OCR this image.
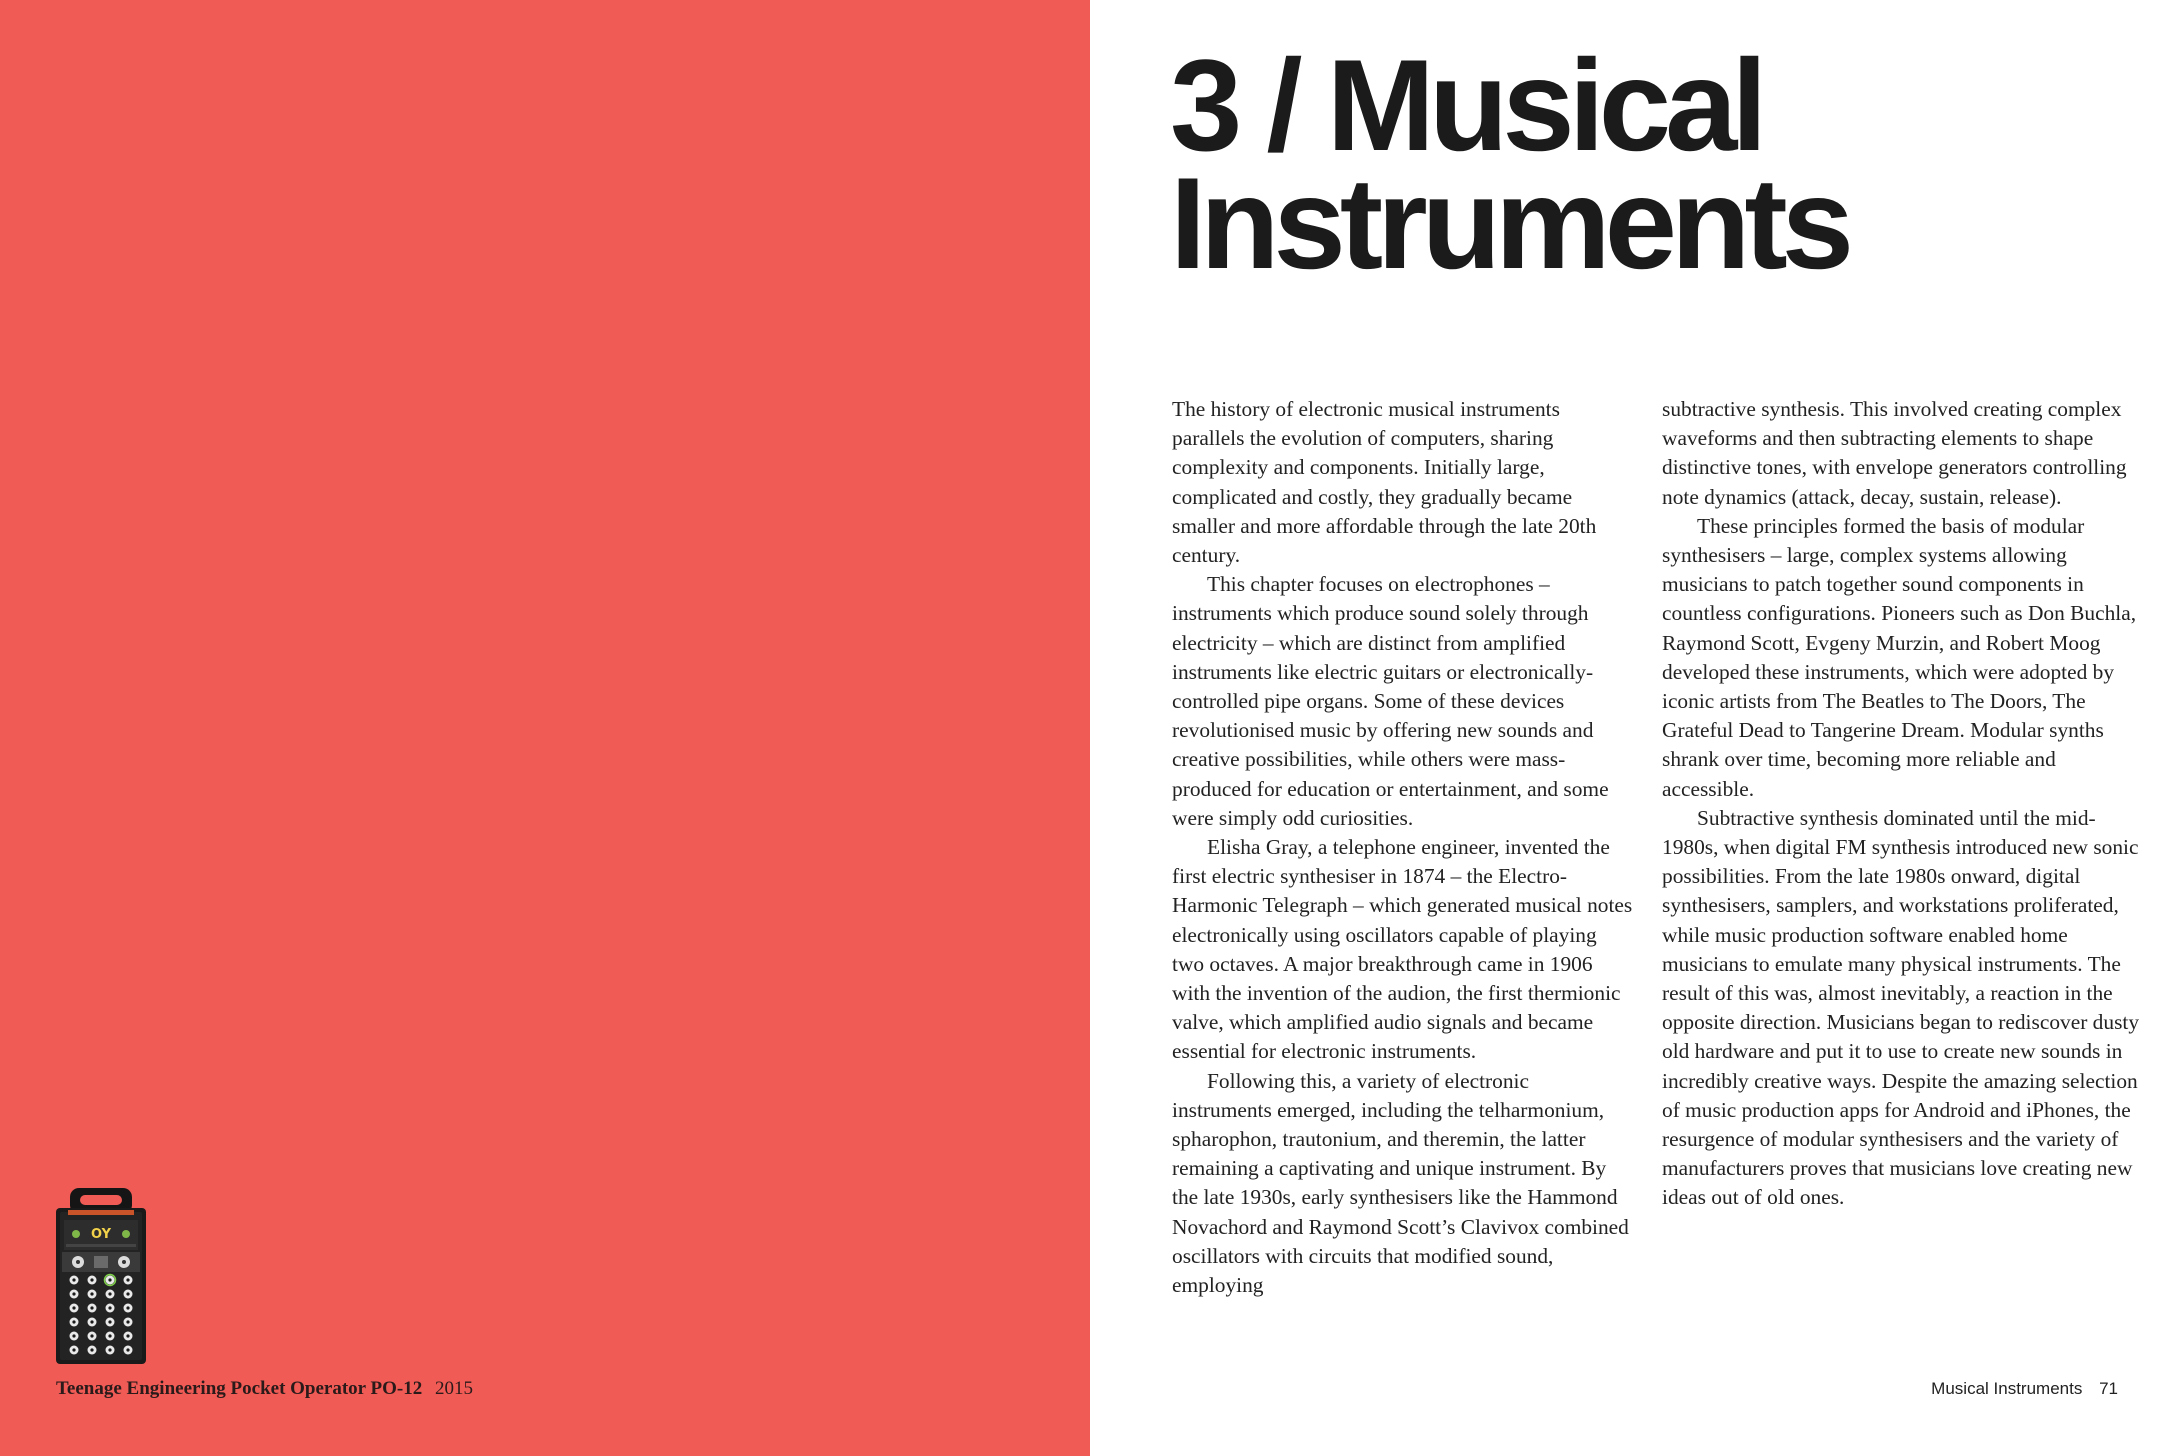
OY
Teenage Engineering Pocket Operator PO-12 2015
3 / Musical
Instruments

The history of electronic musical instruments parallels the evolution of computers, sharing complexity and components. Initially large, complicated and costly, they gradually became smaller and more affordable through the late 20th century.

This chapter focuses on electrophones – instruments which produce sound solely through electricity – which are distinct from amplified instruments like electric guitars or electronically-controlled pipe organs. Some of these devices revolutionised music by offering new sounds and creative possibilities, while others were mass-produced for education or entertainment, and some were simply odd curiosities.

Elisha Gray, a telephone engineer, invented the first electric synthesiser in 1874 – the Electro-Harmonic Telegraph – which generated musical notes electronically using oscillators capable of playing two octaves. A major breakthrough came in 1906 with the invention of the audion, the first thermionic valve, which amplified audio signals and became essential for electronic instruments.

Following this, a variety of electronic instruments emerged, including the telharmonium, spharophon, trautonium, and theremin, the latter remaining a captivating and unique instrument. By the late 1930s, early synthesisers like the Hammond Novachord and Raymond Scott’s Clavivox combined oscillators with circuits that modified sound, employing

subtractive synthesis. This involved creating complex waveforms and then subtracting elements to shape distinctive tones, with envelope generators controlling note dynamics (attack, decay, sustain, release).

These principles formed the basis of modular synthesisers – large, complex systems allowing musicians to patch together sound components in countless configurations. Pioneers such as Don Buchla, Raymond Scott, Evgeny Murzin, and Robert Moog developed these instruments, which were adopted by iconic artists from The Beatles to The Doors, The Grateful Dead to Tangerine Dream. Modular synths shrank over time, becoming more reliable and accessible.

Subtractive synthesis dominated until the mid-1980s, when digital FM synthesis introduced new sonic possibilities. From the late 1980s onward, digital synthesisers, samplers, and workstations proliferated, while music production software enabled home musicians to emulate many physical instruments. The result of this was, almost inevitably, a reaction in the opposite direction. Musicians began to rediscover dusty old hardware and put it to use to create new sounds in incredibly creative ways. Despite the amazing selection of music production apps for Android and iPhones, the resurgence of modular synthesisers and the variety of manufacturers proves that musicians love creating new ideas out of old ones.

Musical Instruments 71
